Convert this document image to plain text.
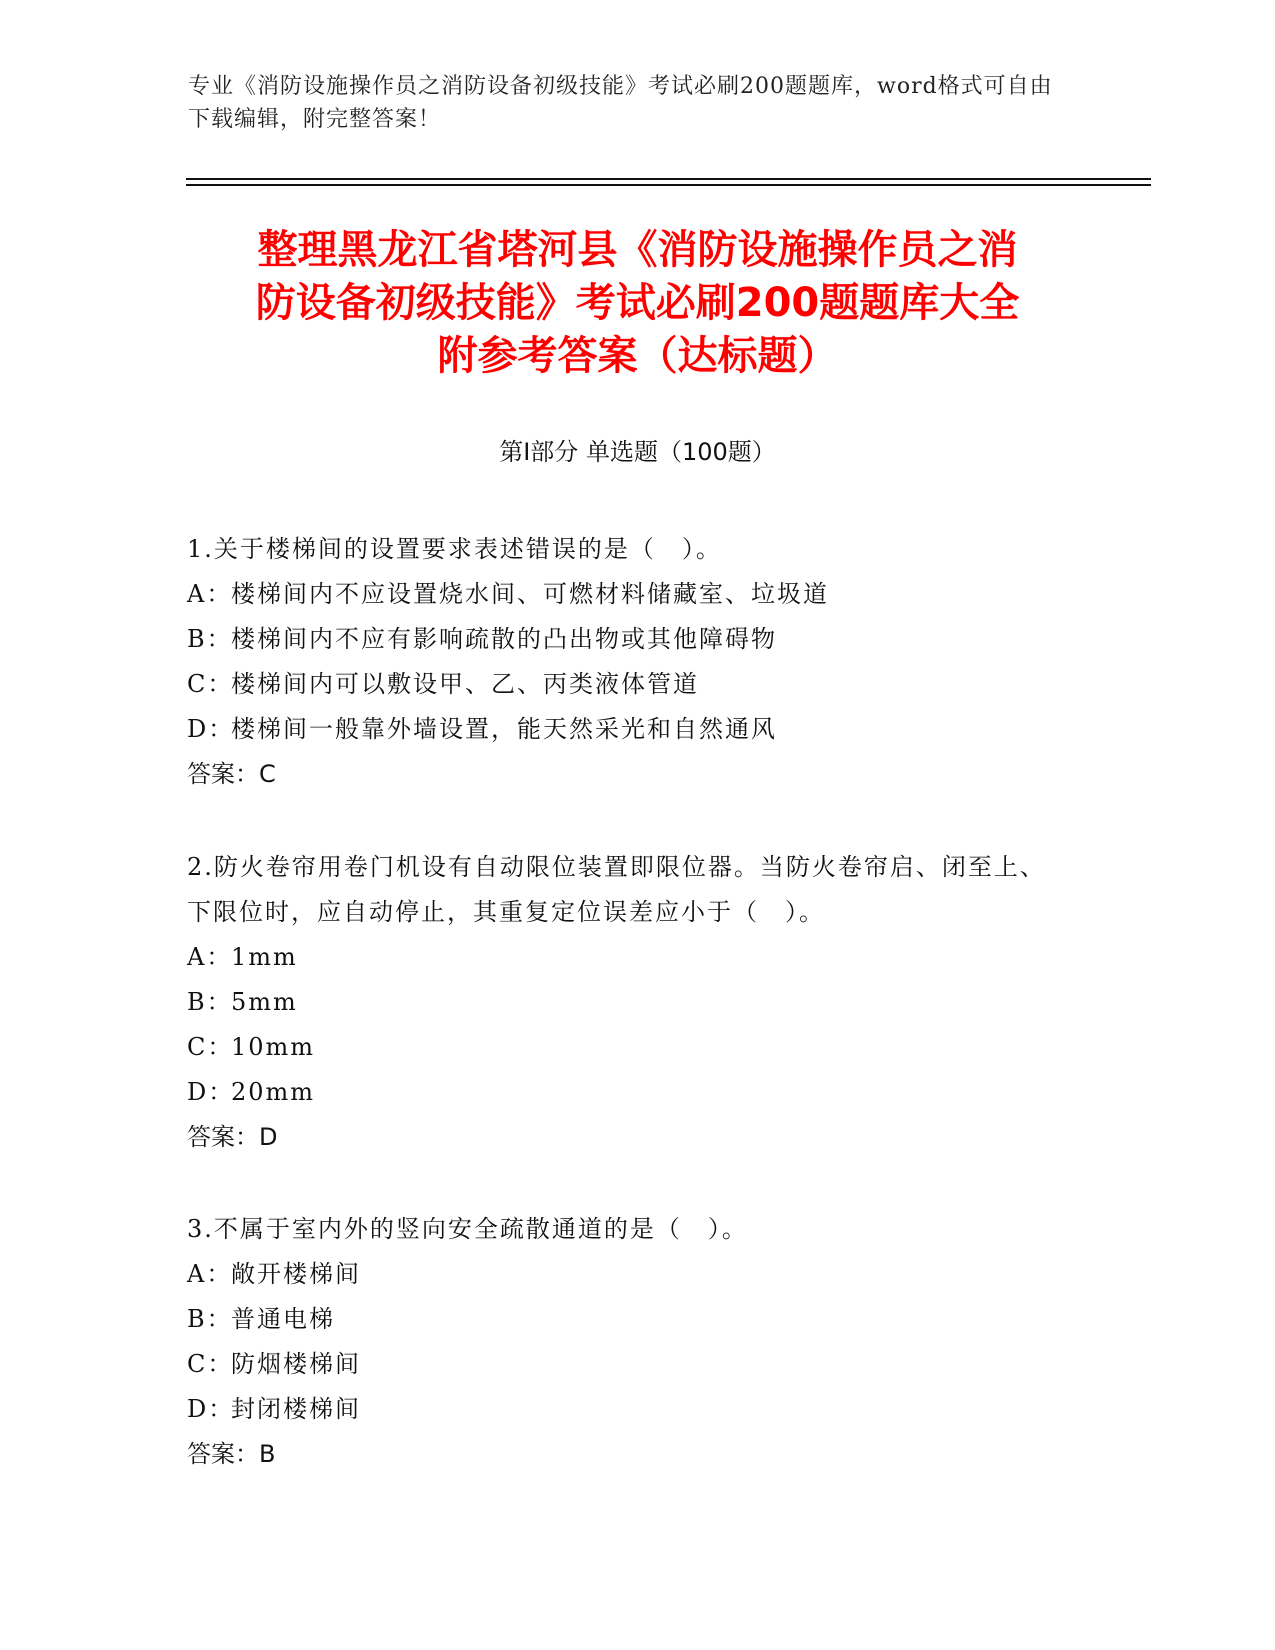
专业《消防设施操作员之消防设备初级技能》考试必刷200题题库，word格式可自由下载编辑，附完整答案！
整理黑龙江省塔河县《消防设施操作员之消
防设备初级技能》考试必刷200题题库大全
附参考答案（达标题）
第Ⅰ部分 单选题（100题）
1.关于楼梯间的设置要求表述错误的是（　）。
A：楼梯间内不应设置烧水间、可燃材料储藏室、垃圾道
B：楼梯间内不应有影响疏散的凸出物或其他障碍物
C：楼梯间内可以敷设甲、乙、丙类液体管道
D：楼梯间一般靠外墙设置，能天然采光和自然通风
答案：C
2.防火卷帘用卷门机设有自动限位装置即限位器。当防火卷帘启、闭至上、下限位时，应自动停止，其重复定位误差应小于（　）。
A：1mm
B：5mm
C：10mm
D：20mm
答案：D
3.不属于室内外的竖向安全疏散通道的是（　）。
A：敞开楼梯间
B：普通电梯
C：防烟楼梯间
D：封闭楼梯间
答案：B
